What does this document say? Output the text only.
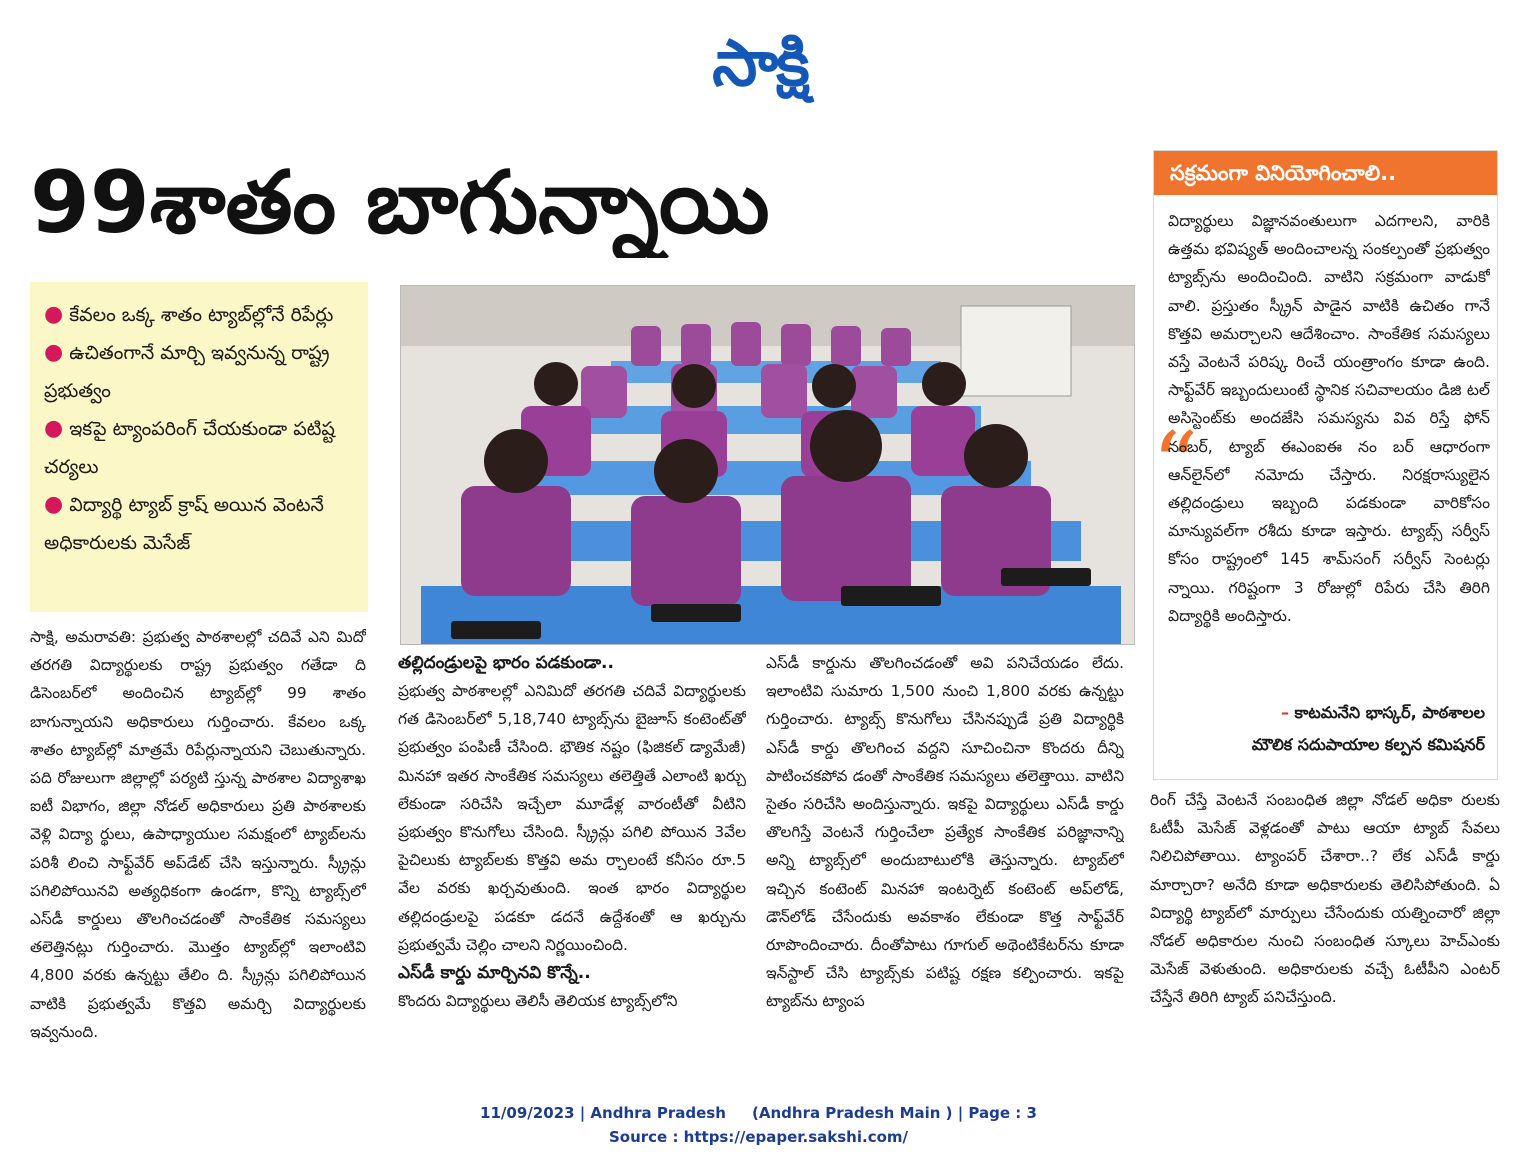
సాక్షి
99శాతం బాగున్నాయి

● కేవలం ఒక్క శాతం ట్యాబ్‌ల్లోనే రిపేర్లు

● ఉచితంగానే మార్చి ఇవ్వనున్న రాష్ట్ర ప్రభుత్వం

● ఇకపై ట్యాంపరింగ్ చేయకుండా పటిష్ట చర్యలు

● విద్యార్థి ట్యాబ్ క్రాష్ అయిన వెంటనే అధికారులకు మెసేజ్

సాక్షి, అమరావతి: ప్రభుత్వ పాఠశాలల్లో చదివే ఎని మిదో తరగతి విద్యార్థులకు రాష్ట్ర ప్రభుత్వం గతేడా ది డిసెంబర్‌లో అందించిన ట్యాబ్‌ల్లో 99 శాతం బాగున్నాయని అధికారులు గుర్తించారు. కేవలం ఒక్క శాతం ట్యాబ్‌ల్లో మాత్రమే రిపేర్లున్నాయని చెబుతున్నారు. పది రోజులుగా జిల్లాల్లో పర్యటి స్తున్న పాఠశాల విద్యాశాఖ ఐటీ విభాగం, జిల్లా నోడల్ అధికారులు ప్రతి పాఠశాలకు వెళ్లి విద్యా ర్థులు, ఉపాధ్యాయుల సమక్షంలో ట్యాబ్‌లను పరిశీ లించి సాఫ్ట్‌వేర్ అప్‌డేట్ చేసి ఇస్తున్నారు. స్క్రీన్లు పగిలిపోయినవి అత్యధికంగా ఉండగా, కొన్ని ట్యాబ్స్‌లో ఎస్‌డీ కార్డులు తొలగించడంతో సాంకేతిక సమస్యలు తలెత్తినట్లు గుర్తించారు. మొత్తం ట్యాబ్‌ల్లో ఇలాంటివి 4,800 వరకు ఉన్నట్టు తేలిం ది. స్క్రీన్లు పగిలిపోయిన వాటికి ప్రభుత్వమే కొత్తవి అమర్చి విద్యార్థులకు ఇవ్వనుంది.

తల్లిదండ్రులపై భారం పడకుండా..

ప్రభుత్వ పాఠశాలల్లో ఎనిమిదో తరగతి చదివే విద్యార్థులకు గత డిసెంబర్‌లో 5,18,740 ట్యాబ్స్‌ను బైజూస్ కంటెంట్‌తో ప్రభుత్వం పంపిణీ చేసింది. భౌతిక నష్టం (ఫిజికల్ డ్యామేజీ) మినహా ఇతర సాంకేతిక సమస్యలు తలెత్తితే ఎలాంటి ఖర్చు లేకుండా సరిచేసి ఇచ్చేలా మూడేళ్ల వారంటీతో వీటిని ప్రభుత్వం కొనుగోలు చేసింది. స్క్రీన్లు పగిలి పోయిన 3వేల పైచిలుకు ట్యాబ్‌లకు కొత్తవి అమ ర్చాలంటే కనీసం రూ.5 వేల వరకు ఖర్చవుతుంది. ఇంత భారం విద్యార్థుల తల్లిదండ్రులపై పడకూ డదనే ఉద్దేశంతో ఆ ఖర్చును ప్రభుత్వమే చెల్లిం చాలని నిర్ణయించింది.

ఎస్‌డీ కార్డు మార్చినవి కొన్నే..

కొందరు విద్యార్థులు తెలిసీ తెలియక ట్యాబ్స్‌లోని

ఎస్‌డీ కార్డును తొలగించడంతో అవి పనిచేయడం లేదు. ఇలాంటివి సుమారు 1,500 నుంచి 1,800 వరకు ఉన్నట్టు గుర్తించారు. ట్యాబ్స్ కొనుగోలు చేసినప్పుడే ప్రతి విద్యార్థికి ఎస్‌డీ కార్డు తొలగించ వద్దని సూచించినా కొందరు దీన్ని పాటించకపోవ డంతో సాంకేతిక సమస్యలు తలెత్తాయి. వాటిని సైతం సరిచేసి అందిస్తున్నారు. ఇకపై విద్యార్థులు ఎస్‌డీ కార్డు తొలగిస్తే వెంటనే గుర్తించేలా ప్రత్యేక సాంకేతిక పరిజ్ఞానాన్ని అన్ని ట్యాబ్స్‌లో అందుబాటులోకి తెస్తున్నారు. ట్యాబ్‌లో ఇచ్చిన కంటెంట్ మినహా ఇంటర్నెట్ కంటెంట్ అప్‌లోడ్, డౌన్‌లోడ్ చేసేందుకు అవకాశం లేకుండా కొత్త సాఫ్ట్‌వేర్ రూపొందించారు. దీంతోపాటు గూగుల్ అథెంటికేటర్‌ను కూడా ఇన్‌స్టాల్ చేసి ట్యాబ్స్‌కు పటిష్ట రక్షణ కల్పించారు. ఇకపై ట్యాబ్‌ను ట్యాంప

సక్రమంగా వినియోగించాలి..
“
విద్యార్థులు విజ్ఞానవంతులుగా ఎదగాలని, వారికి ఉత్తమ భవిష్యత్ అందించాలన్న సంకల్పంతో ప్రభుత్వం ట్యాబ్స్‌ను అందించింది. వాటిని సక్రమంగా వాడుకో వాలి. ప్రస్తుతం స్క్రీన్ పాడైన వాటికి ఉచితం గానే కొత్తవి అమర్చాలని ఆదేశించాం. సాంకేతిక సమస్యలు వస్తే వెంటనే పరిష్క రించే యంత్రాంగం కూడా ఉంది. సాఫ్ట్‌వేర్ ఇబ్బందులుంటే స్థానిక సచివాలయం డిజి టల్ అసిస్టెంట్‌కు అందజేసి సమస్యను వివ రిస్తే ఫోన్ నంబర్, ట్యాబ్ ఈఎంఐఈ నం బర్ ఆధారంగా ఆన్‌లైన్‌లో నమోదు చేస్తారు. నిరక్షరాస్యులైన తల్లిదండ్రులు ఇబ్బంది పడకుండా వారికోసం మాన్యువల్‌గా రశీదు కూడా ఇస్తారు. ట్యాబ్స్ సర్వీస్ కోసం రాష్ట్రంలో 145 శామ్‌సంగ్ సర్వీస్ సెంటర్లు న్నాయి. గరిష్టంగా 3 రోజుల్లో రిపేరు చేసి తిరిగి విద్యార్థికి అందిస్తారు.
– కాటమనేని భాస్కర్, పాఠశాలల
మౌలిక సదుపాయాల కల్పన కమిషనర్

రింగ్ చేస్తే వెంటనే సంబంధిత జిల్లా నోడల్ అధికా రులకు ఓటీపీ మెసేజ్ వెళ్లడంతో పాటు ఆయా ట్యాబ్ సేవలు నిలిచిపోతాయి. ట్యాంపర్ చేశారా..? లేక ఎస్‌డీ కార్డు మార్చారా? అనేది కూడా అధికారులకు తెలిసిపోతుంది. ఏ విద్యార్థి ట్యాబ్‌లో మార్పులు చేసేందుకు యత్నించారో జిల్లా నోడల్ అధికారుల నుంచి సంబంధిత స్కూలు హెచ్‌ఎంకు మెసేజ్ వెళుతుంది. అధికారులకు వచ్చే ఓటీపీని ఎంటర్ చేస్తేనే తిరిగి ట్యాబ్ పనిచేస్తుంది.

11/09/2023 | Andhra Pradesh     (Andhra Pradesh Main ) | Page : 3
Source : https://epaper.sakshi.com/
